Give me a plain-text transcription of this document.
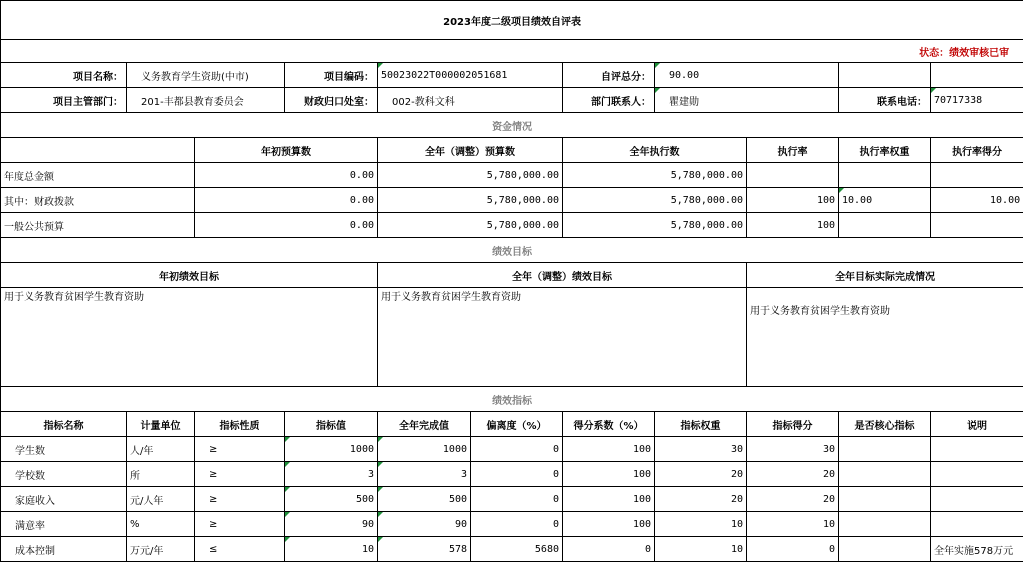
2023年度二级项目绩效自评表										
状态：绩效审核已审										
项目名称：	义务教育学生资助(中市)		项目编码：	50023022T000002051681		自评总分：	90.00			
项目主管部门：	201-丰都县教育委员会		财政归口处室：	002-教科文科		部门联系人：	瞿建勋		联系电话：	70717338
资金情况										
		年初预算数		全年（调整）预算数		全年执行数		执行率	执行率权重	执行率得分
年度总金额		0.00		5,780,000.00		5,780,000.00				
其中：财政拨款		0.00		5,780,000.00		5,780,000.00		100	10.00	10.00
一般公共预算		0.00		5,780,000.00		5,780,000.00		100		
绩效目标										
年初绩效目标				全年（调整）绩效目标				全年目标实际完成情况		
用于义务教育贫困学生教育资助				用于义务教育贫困学生教育资助				用于义务教育贫困学生教育资助		
绩效指标										
指标名称	计量单位	指标性质	指标值	全年完成值	偏离度（%）	得分系数（%）	指标权重	指标得分	是否核心指标	说明
学生数	人/年	≥	1000	1000	0	100	30	30		
学校数	所	≥	3	3	0	100	20	20		
家庭收入	元/人年	≥	500	500	0	100	20	20		
满意率	%	≥	90	90	0	100	10	10		
成本控制	万元/年	≤	10	578	5680	0	10	0		全年实施578万元
